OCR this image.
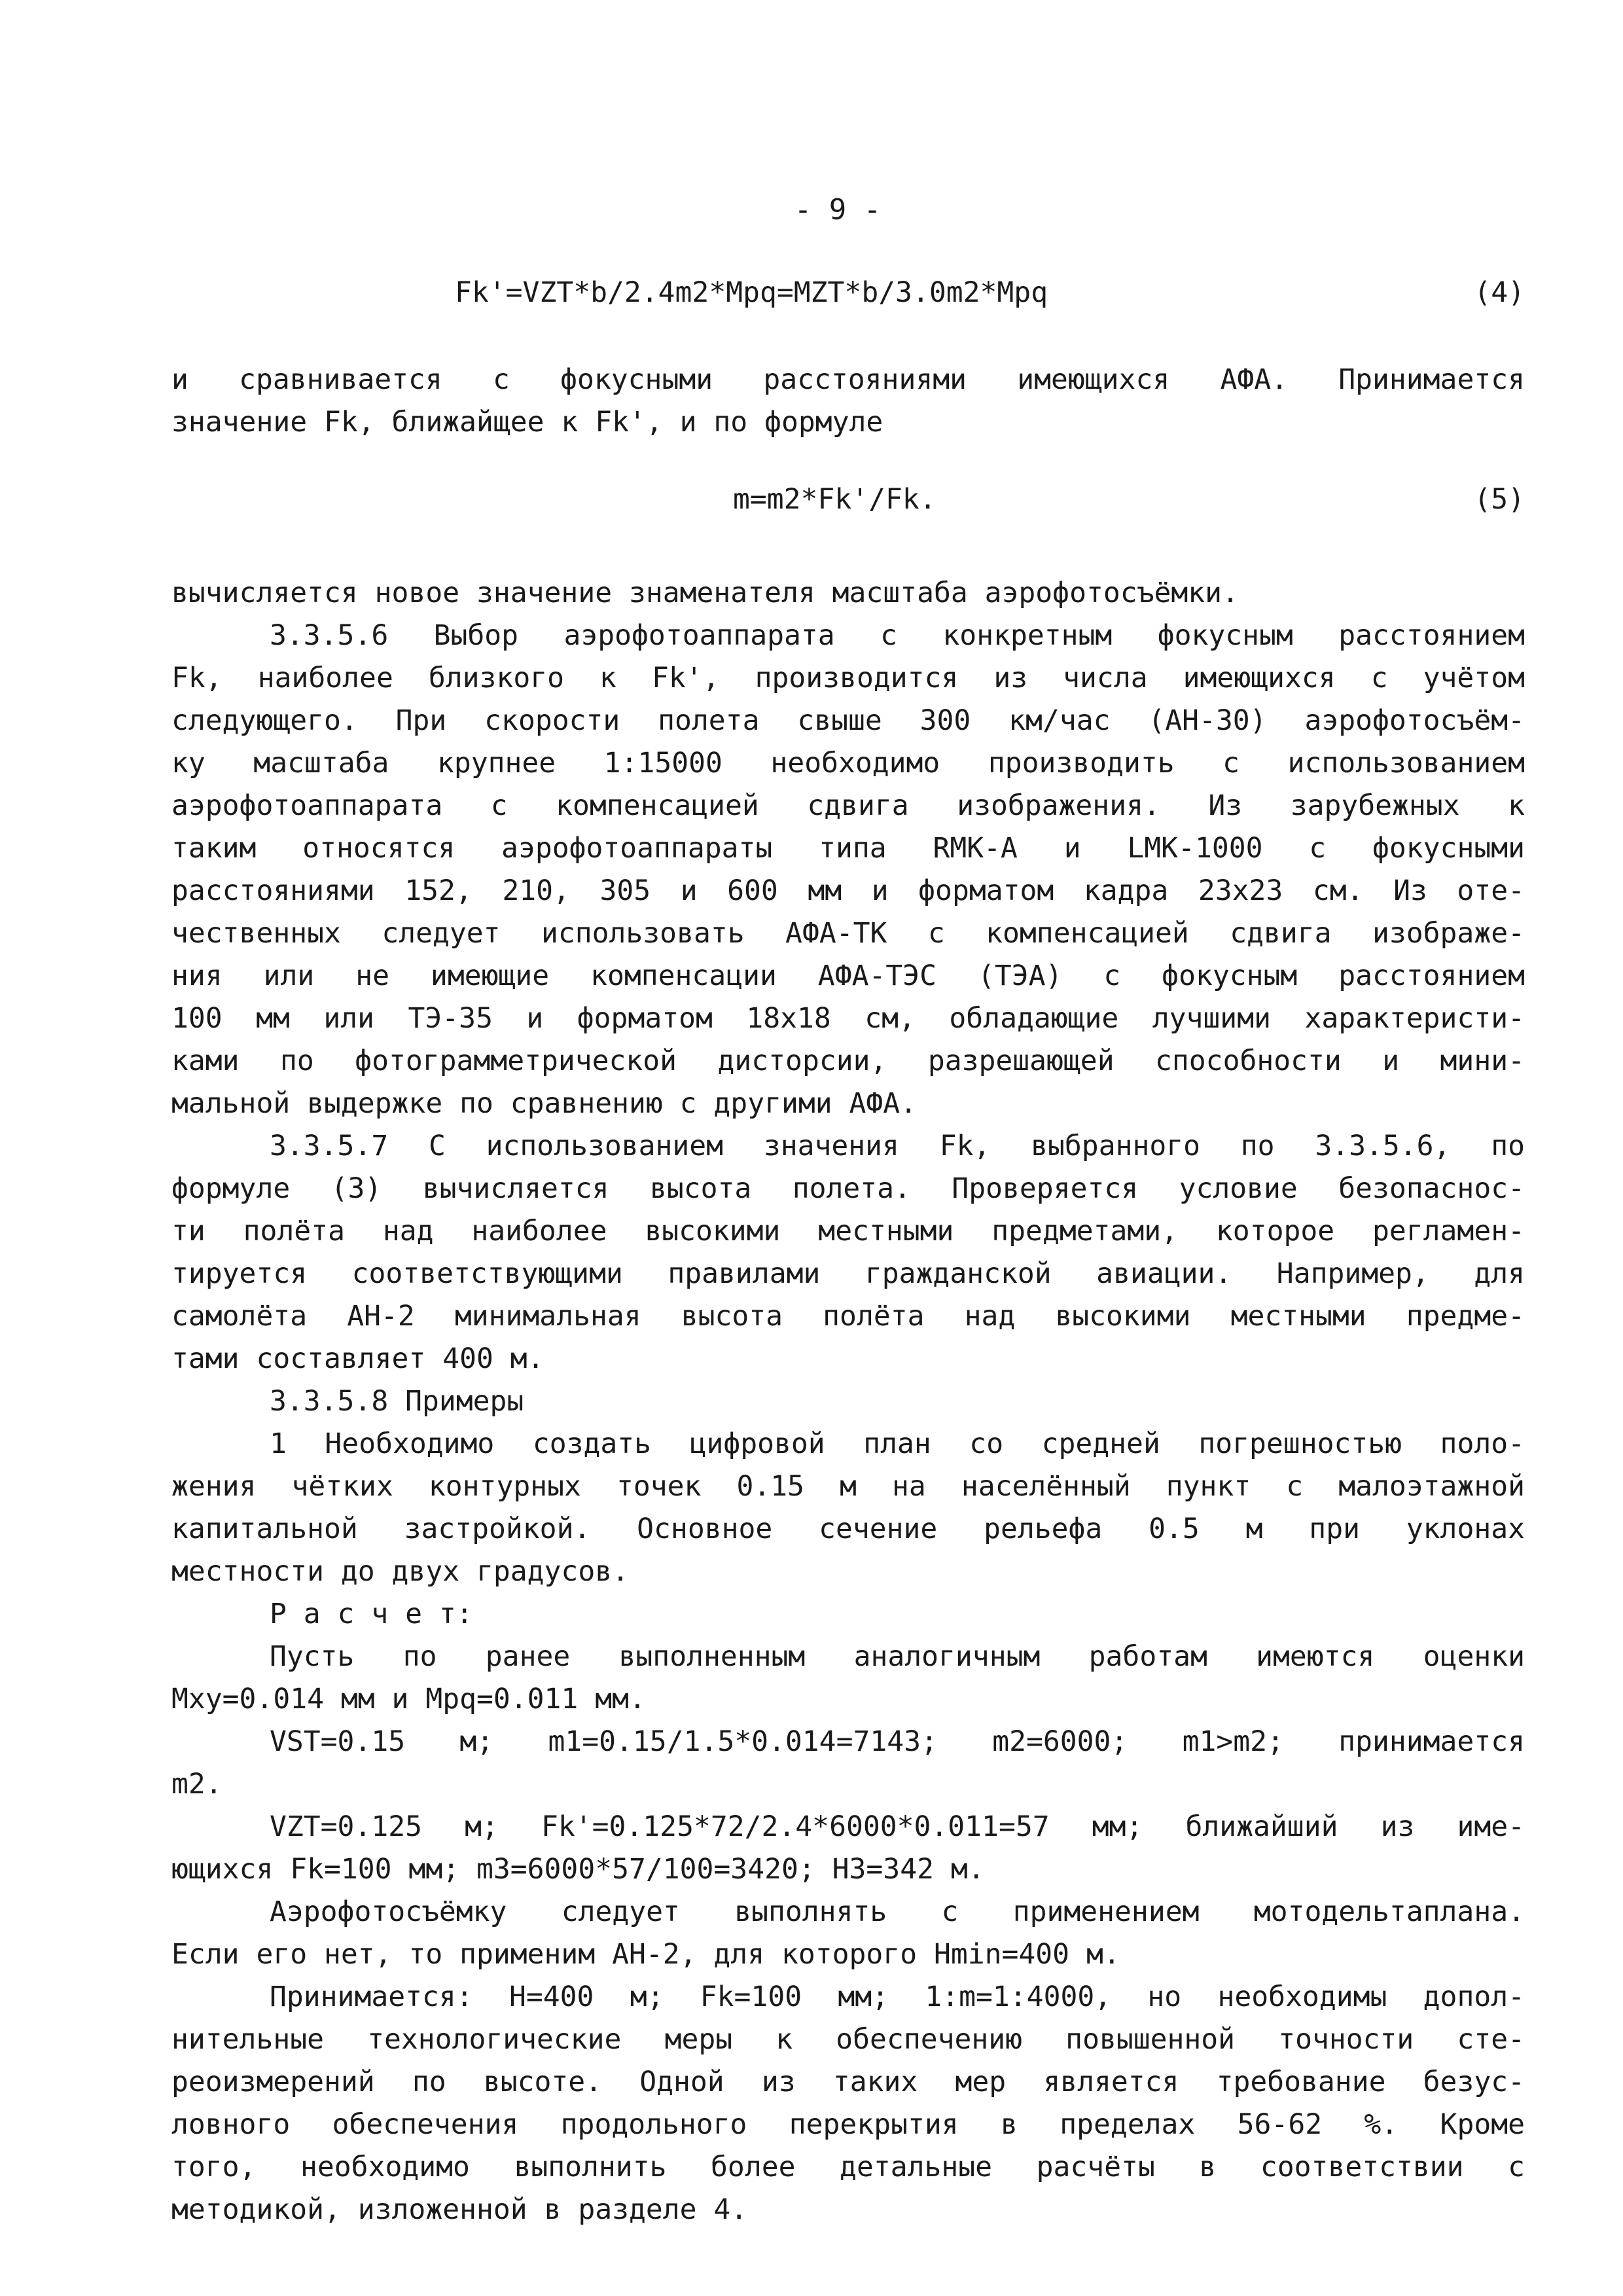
- 9 -
Fk'=VZT*b/2.4m2*Mpq=MZT*b/3.0m2*Mpq	(4)
и сравнивается с фокусными расстояниями имеющихся АФА. Принимается
значение Fk, ближайщее к Fk', и по формуле
m=m2*Fk'/Fk.	(5)
вычисляется новое значение знаменателя масштаба аэрофотосъёмки.
3.3.5.6 Выбор аэрофотоаппарата с конкретным фокусным расстоянием
Fk, наиболее близкого к Fk', производится из числа имеющихся с учётом
следующего. При скорости полета свыше 300 км/час (АН-30) аэрофотосъём-
ку масштаба крупнее 1:15000 необходимо производить с использованием
аэрофотоаппарата с компенсацией сдвига изображения. Из зарубежных к
таким относятся аэрофотоаппараты типа RMK-A и LMK-1000 с фокусными
расстояниями 152, 210, 305 и 600 мм и форматом кадра 23х23 см. Из оте-
чественных следует использовать АФА-ТК с компенсацией сдвига изображе-
ния или не имеющие компенсации АФА-ТЭС (ТЭА) с фокусным расстоянием
100 мм или ТЭ-35 и форматом 18х18 см, обладающие лучшими характеристи-
ками по фотограмметрической дисторсии, разрешающей способности и мини-
мальной выдержке по сравнению с другими АФА.
3.3.5.7 С использованием значения Fk, выбранного по 3.3.5.6, по
формуле (3) вычисляется высота полета. Проверяется условие безопаснос-
ти полёта над наиболее высокими местными предметами, которое регламен-
тируется соответствующими правилами гражданской авиации. Например, для
самолёта АН-2 минимальная высота полёта над высокими местными предме-
тами составляет 400 м.
3.3.5.8 Примеры
1 Необходимо создать цифровой план со средней погрешностью поло-
жения чётких контурных точек 0.15 м на населённый пункт с малоэтажной
капитальной застройкой. Основное сечение рельефа 0.5 м при уклонах
местности до двух градусов.
Р а с ч е т:
Пусть по ранее выполненным аналогичным работам имеются оценки
Mxy=0.014 мм и Mpq=0.011 мм.
VST=0.15 м; m1=0.15/1.5*0.014=7143; m2=6000; m1>m2; принимается
m2.
VZT=0.125 м; Fk'=0.125*72/2.4*6000*0.011=57 мм; ближайший из име-
ющихся Fk=100 мм; m3=6000*57/100=3420; H3=342 м.
Аэрофотосъёмку следует выполнять с применением мотодельтаплана.
Если его нет, то применим АН-2, для которого Hmin=400 м.
Принимается: H=400 м; Fk=100 мм; 1:m=1:4000, но необходимы допол-
нительные технологические меры к обеспечению повышенной точности сте-
реоизмерений по высоте. Одной из таких мер является требование безус-
ловного обеспечения продольного перекрытия в пределах 56-62 %. Кроме
того, необходимо выполнить более детальные расчёты в соответствии с
методикой, изложенной в разделе 4.
